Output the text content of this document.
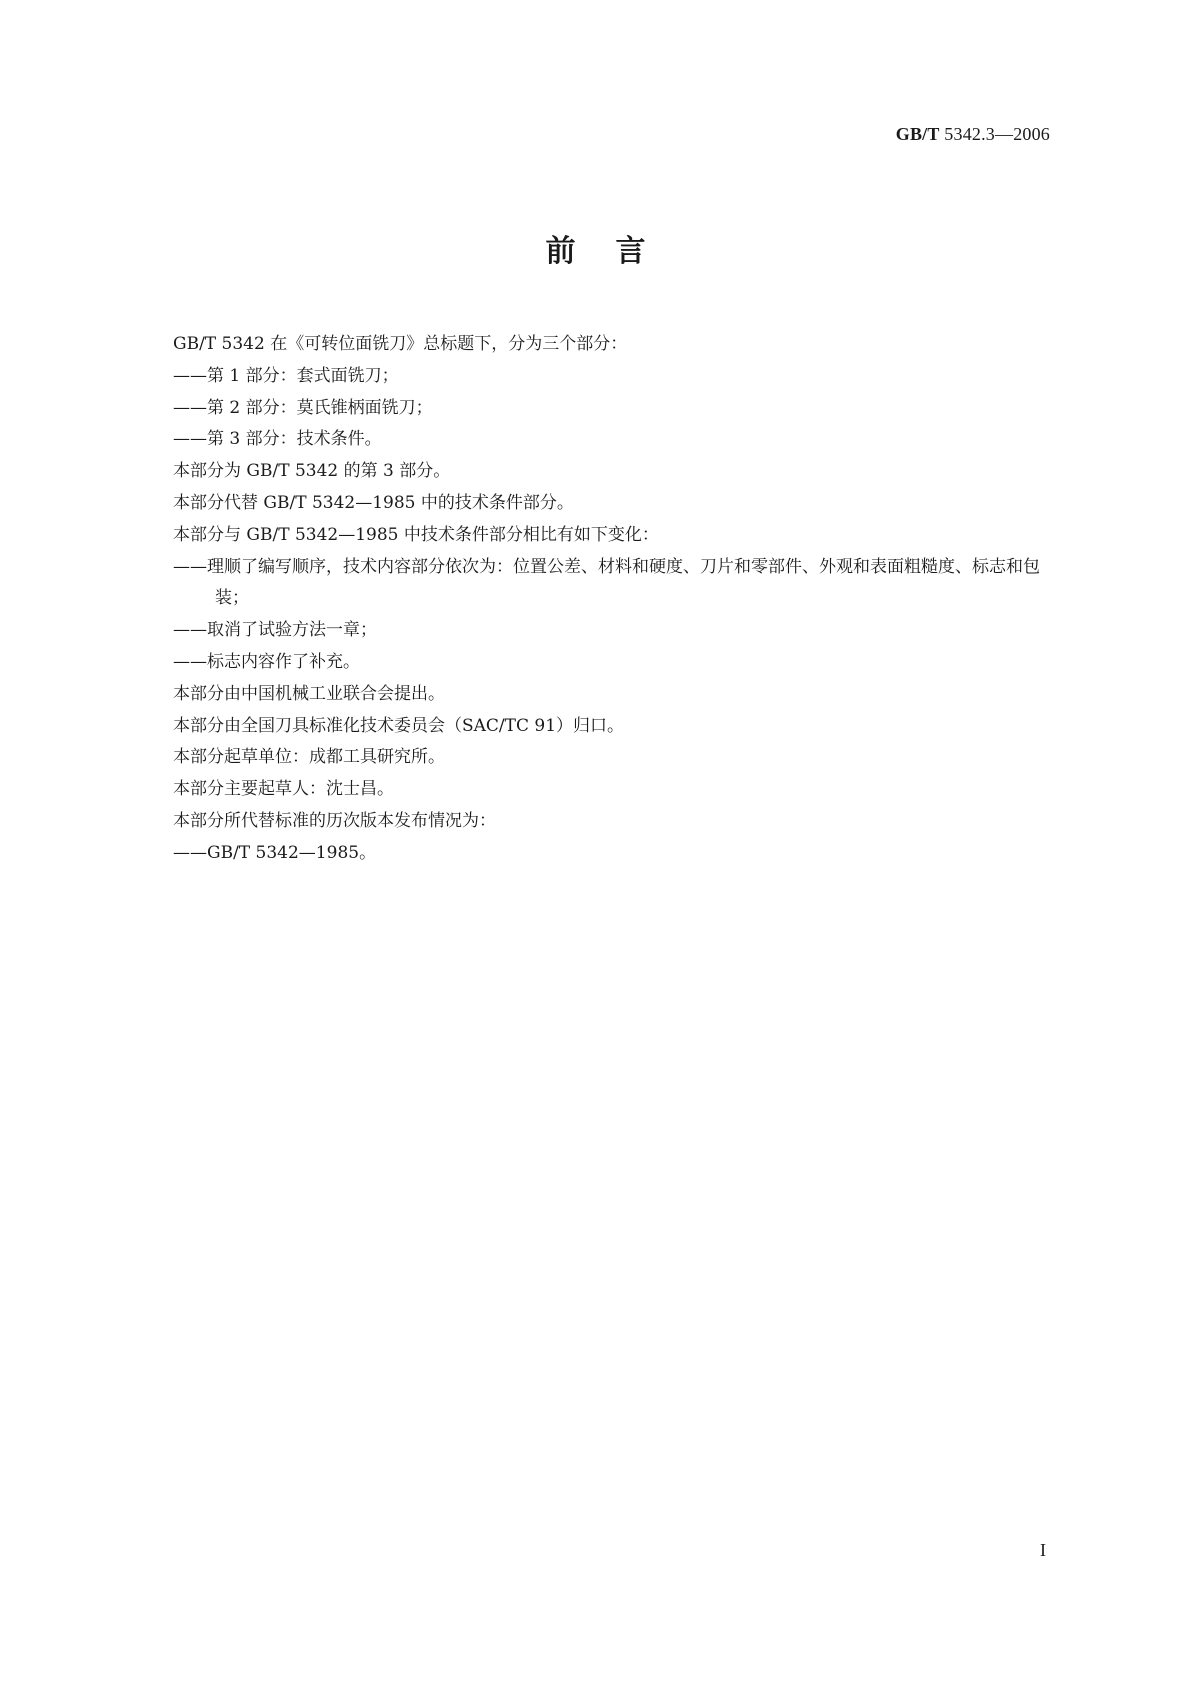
GB/T 5342.3—2006
前言

GB/T 5342 在《可转位面铣刀》总标题下，分为三个部分：

——第 1 部分：套式面铣刀；

——第 2 部分：莫氏锥柄面铣刀；

——第 3 部分：技术条件。

本部分为 GB/T 5342 的第 3 部分。

本部分代替 GB/T 5342—1985 中的技术条件部分。

本部分与 GB/T 5342—1985 中技术条件部分相比有如下变化：

——理顺了编写顺序，技术内容部分依次为：位置公差、材料和硬度、刀片和零部件、外观和表面粗糙度、标志和包装；

——取消了试验方法一章；

——标志内容作了补充。

本部分由中国机械工业联合会提出。

本部分由全国刀具标准化技术委员会（SAC/TC 91）归口。

本部分起草单位：成都工具研究所。

本部分主要起草人：沈士昌。

本部分所代替标准的历次版本发布情况为：

——GB/T 5342—1985。

I
